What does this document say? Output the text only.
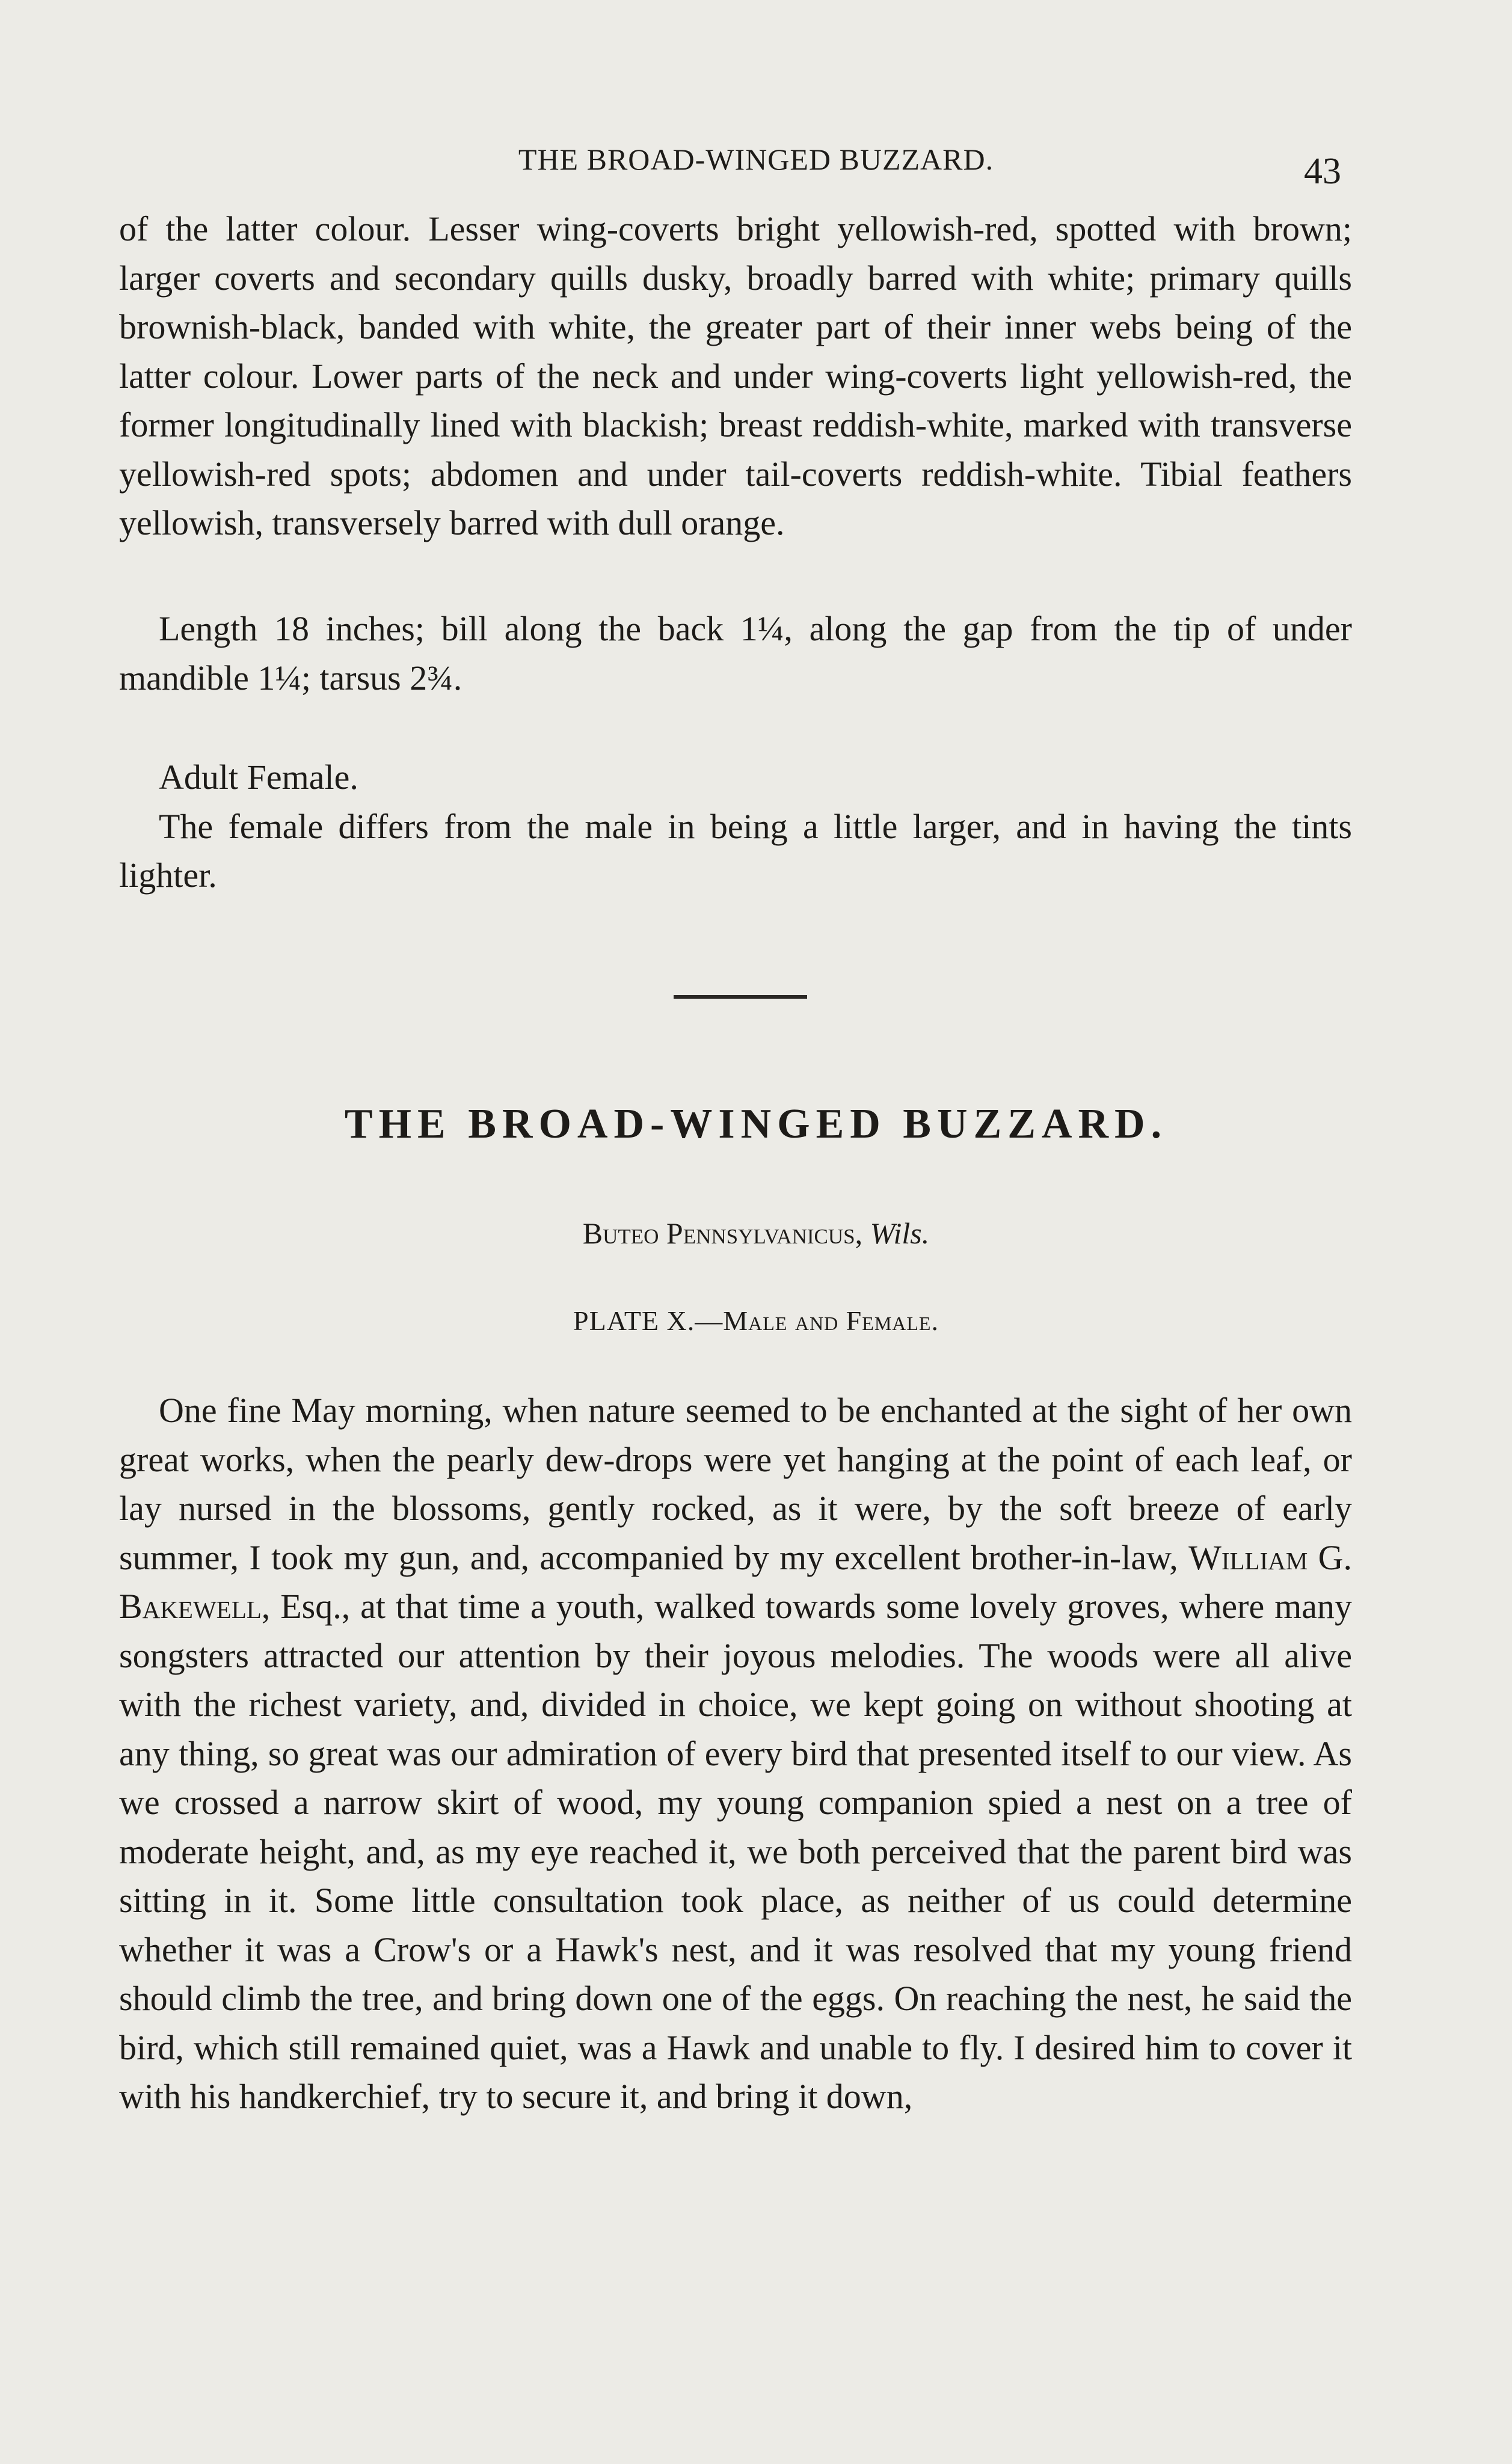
THE BROAD-WINGED BUZZARD.	43

of the latter colour. Lesser wing-coverts bright yellowish-red, spotted with brown; larger coverts and secondary quills dusky, broadly barred with white; primary quills brownish-black, banded with white, the greater part of their inner webs being of the latter colour. Lower parts of the neck and under wing-coverts light yellowish-red, the former longitudinally lined with blackish; breast reddish-white, marked with transverse yellowish-red spots; abdomen and under tail-coverts reddish-white. Tibial feathers yellowish, transversely barred with dull orange.

Length 18 inches; bill along the back 1¼, along the gap from the tip of under mandible 1¼; tarsus 2¾.

Adult Female.

The female differs from the male in being a little larger, and in having the tints lighter.

THE BROAD-WINGED BUZZARD.
Buteo Pennsylvanicus, Wils.
PLATE X.—Male and Female.

One fine May morning, when nature seemed to be enchanted at the sight of her own great works, when the pearly dew-drops were yet hanging at the point of each leaf, or lay nursed in the blossoms, gently rocked, as it were, by the soft breeze of early summer, I took my gun, and, accompanied by my excellent brother-in-law, William G. Bakewell, Esq., at that time a youth, walked towards some lovely groves, where many songsters attracted our attention by their joyous melodies. The woods were all alive with the richest variety, and, divided in choice, we kept going on without shooting at any thing, so great was our admiration of every bird that presented itself to our view. As we crossed a narrow skirt of wood, my young companion spied a nest on a tree of moderate height, and, as my eye reached it, we both perceived that the parent bird was sitting in it. Some little consultation took place, as neither of us could determine whether it was a Crow's or a Hawk's nest, and it was resolved that my young friend should climb the tree, and bring down one of the eggs. On reaching the nest, he said the bird, which still remained quiet, was a Hawk and unable to fly. I desired him to cover it with his handkerchief, try to secure it, and bring it down,
